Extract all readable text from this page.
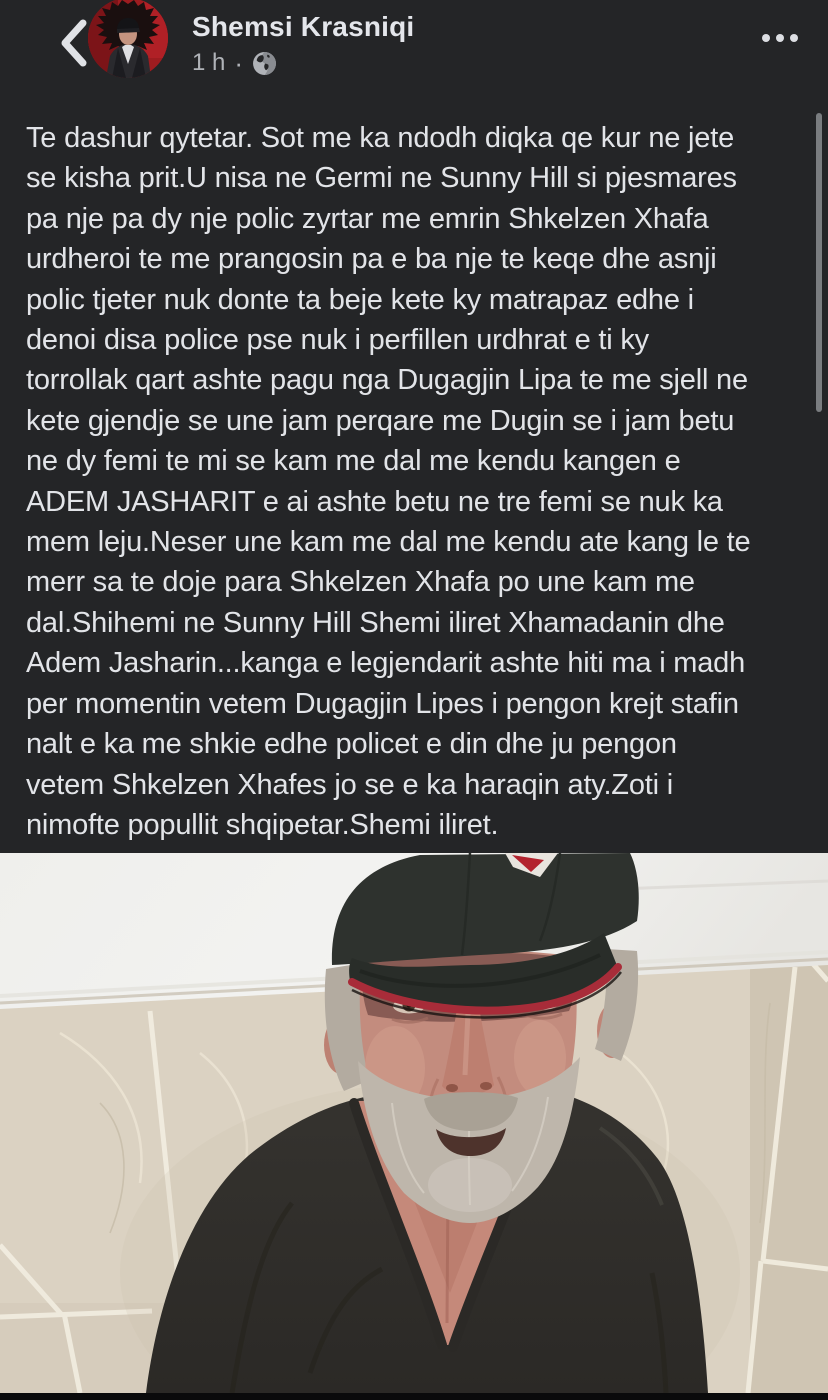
Shemsi Krasniqi
1 h ·
Te dashur qytetar. Sot me ka ndodh diqka qe kur ne jete
se kisha prit.U nisa ne Germi ne Sunny Hill si pjesmares
pa nje pa dy nje polic zyrtar me emrin Shkelzen Xhafa
urdheroi te me prangosin pa e ba nje te keqe dhe asnji
polic tjeter nuk donte ta beje kete ky matrapaz edhe i
denoi disa police pse nuk i perfillen urdhrat e ti ky
torrollak qart ashte pagu nga Dugagjin Lipa te me sjell ne
kete gjendje se une jam perqare me Dugin se i jam betu
ne dy femi te mi se kam me dal me kendu kangen e
ADEM JASHARIT e ai ashte betu ne tre femi se nuk ka
mem leju.Neser une kam me dal me kendu ate kang le te
merr sa te doje para Shkelzen Xhafa po une kam me
dal.Shihemi ne Sunny Hill Shemi iliret Xhamadanin dhe
Adem Jasharin...kanga e legjendarit ashte hiti ma i madh
per momentin vetem Dugagjin Lipes i pengon krejt stafin
nalt e ka me shkie edhe policet e din dhe ju pengon
vetem Shkelzen Xhafes jo se e ka haraqin aty.Zoti i
nimofte popullit shqipetar.Shemi iliret.
